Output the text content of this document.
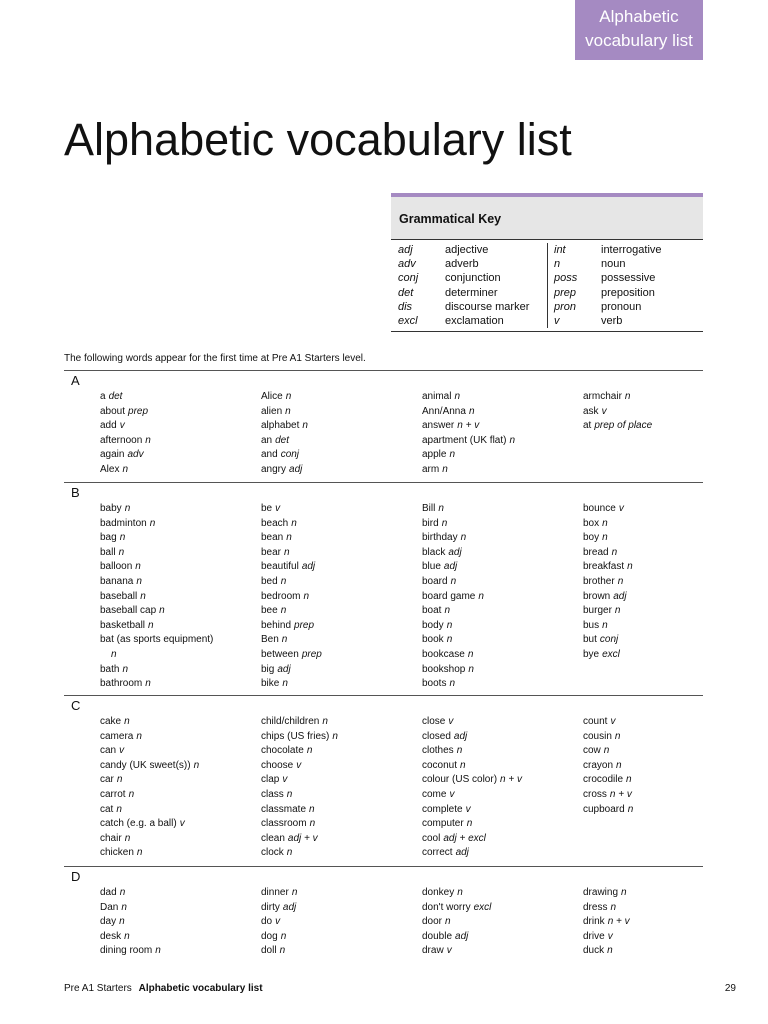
Alphabetic
vocabulary list
Alphabetic vocabulary list
Grammatical Key
adj	adjective
adv	adverb
conj	conjunction
det	determiner
dis	discourse marker
excl	exclamation
int	interrogative
n	noun
poss	possessive
prep	preposition
pron	pronoun
v	verb

The following words appear for the first time at Pre A1 Starters level.

A
a det
about prep
add v
afternoon n
again adv
Alex n
Alice n
alien n
alphabet n
an det
and conj
angry adj
animal n
Ann/Anna n
answer n + v
apartment (UK flat) n
apple n
arm n
armchair n
ask v
at prep of place
B
baby n
badminton n
bag n
ball n
balloon n
banana n
baseball n
baseball cap n
basketball n
bat (as sports equipment)
n
bath n
bathroom n
be v
beach n
bean n
bear n
beautiful adj
bed n
bedroom n
bee n
behind prep
Ben n
between prep
big adj
bike n
Bill n
bird n
birthday n
black adj
blue adj
board n
board game n
boat n
body n
book n
bookcase n
bookshop n
boots n
bounce v
box n
boy n
bread n
breakfast n
brother n
brown adj
burger n
bus n
but conj
bye excl
C
cake n
camera n
can v
candy (UK sweet(s)) n
car n
carrot n
cat n
catch (e.g. a ball) v
chair n
chicken n
child/children n
chips (US fries) n
chocolate n
choose v
clap v
class n
classmate n
classroom n
clean adj + v
clock n
close v
closed adj
clothes n
coconut n
colour (US color) n + v
come v
complete v
computer n
cool adj + excl
correct adj
count v
cousin n
cow n
crayon n
crocodile n
cross n + v
cupboard n
D
dad n
Dan n
day n
desk n
dining room n
dinner n
dirty adj
do v
dog n
doll n
donkey n
don't worry excl
door n
double adj
draw v
drawing n
dress n
drink n + v
drive v
duck n
Pre A1 Starters Alphabetic vocabulary list	29
